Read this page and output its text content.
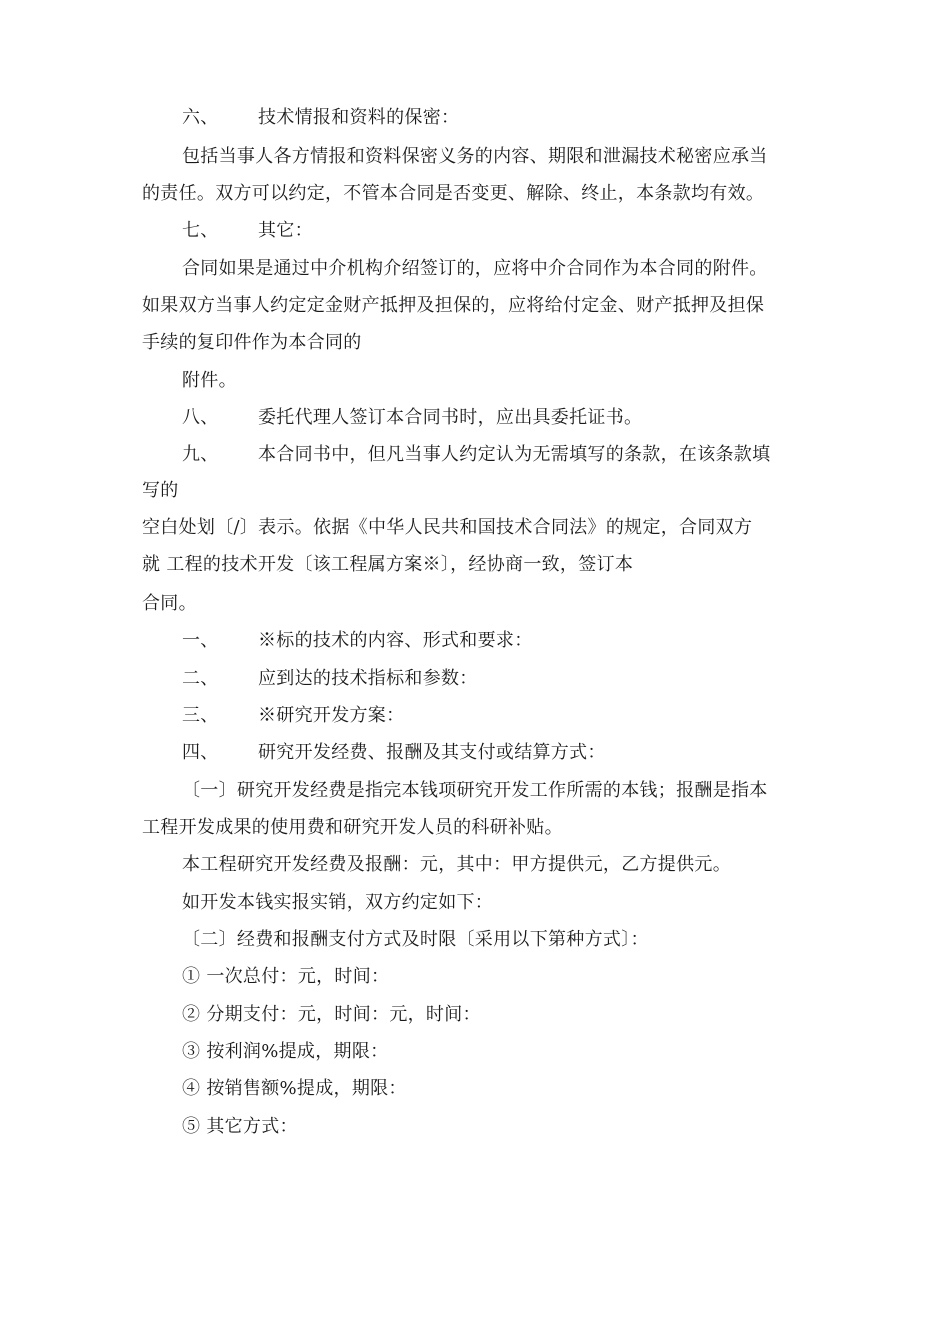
六、 技术情报和资料的保密：
包括当事人各方情报和资料保密义务的内容、期限和泄漏技术秘密应承当
的责任。双方可以约定，不管本合同是否变更、解除、终止，本条款均有效。
七、 其它：
合同如果是通过中介机构介绍签订的，应将中介合同作为本合同的附件。
如果双方当事人约定定金财产抵押及担保的，应将给付定金、财产抵押及担保
手续的复印件作为本合同的
附件。
八、 委托代理人签订本合同书时，应出具委托证书。
九、 本合同书中，但凡当事人约定认为无需填写的条款，在该条款填
写的
空白处划〔/〕表示。依据《中华人民共和国技术合同法》的规定，合同双方
就 工程的技术开发〔该工程属方案※〕，经协商一致，签订本
合同。
一、 ※标的技术的内容、形式和要求：
二、 应到达的技术指标和参数：
三、 ※研究开发方案：
四、 研究开发经费、报酬及其支付或结算方式：
〔一〕研究开发经费是指完本钱项研究开发工作所需的本钱；报酬是指本
工程开发成果的使用费和研究开发人员的科研补贴。
本工程研究开发经费及报酬：元，其中：甲方提供元，乙方提供元。
如开发本钱实报实销，双方约定如下：
〔二〕经费和报酬支付方式及时限〔采用以下第种方式〕：
① 一次总付：元，时间：
② 分期支付：元，时间：元，时间：
③ 按利润%提成，期限：
④ 按销售额%提成，期限：
⑤ 其它方式：
